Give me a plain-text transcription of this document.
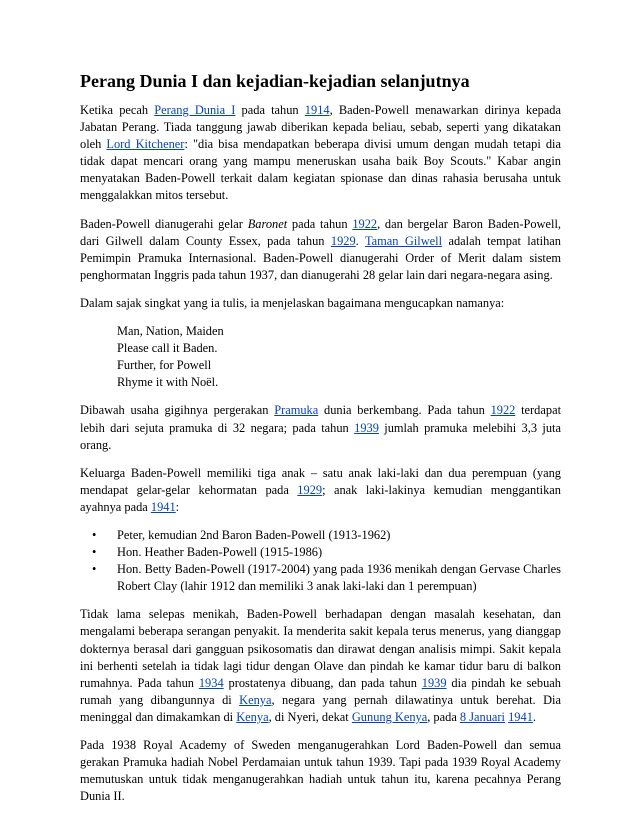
Perang Dunia I dan kejadian-kejadian selanjutnya

Ketika pecah Perang Dunia I pada tahun 1914, Baden-Powell menawarkan dirinya kepada Jabatan Perang. Tiada tanggung jawab diberikan kepada beliau, sebab, seperti yang dikatakan oleh Lord Kitchener: "dia bisa mendapatkan beberapa divisi umum dengan mudah tetapi dia tidak dapat mencari orang yang mampu meneruskan usaha baik Boy Scouts." Kabar angin menyatakan Baden-Powell terkait dalam kegiatan spionase dan dinas rahasia berusaha untuk menggalakkan mitos tersebut.

Baden-Powell dianugerahi gelar Baronet pada tahun 1922, dan bergelar Baron Baden-Powell, dari Gilwell dalam County Essex, pada tahun 1929. Taman Gilwell adalah tempat latihan Pemimpin Pramuka Internasional. Baden-Powell dianugerahi Order of Merit dalam sistem penghormatan Inggris pada tahun 1937, dan dianugerahi 28 gelar lain dari negara-negara asing.

Dalam sajak singkat yang ia tulis, ia menjelaskan bagaimana mengucapkan namanya:

Man, Nation, Maiden
Please call it Baden.
Further, for Powell
Rhyme it with Noël.

Dibawah usaha gigihnya pergerakan Pramuka dunia berkembang. Pada tahun 1922 terdapat lebih dari sejuta pramuka di 32 negara; pada tahun 1939 jumlah pramuka melebihi 3,3 juta orang.

Keluarga Baden-Powell memiliki tiga anak – satu anak laki-laki dan dua perempuan (yang mendapat gelar-gelar kehormatan pada 1929; anak laki-lakinya kemudian menggantikan ayahnya pada 1941:

• Peter, kemudian 2nd Baron Baden-Powell (1913-1962)
• Hon. Heather Baden-Powell (1915-1986)
• Hon. Betty Baden-Powell (1917-2004) yang pada 1936 menikah dengan Gervase Charles Robert Clay (lahir 1912 dan memiliki 3 anak laki-laki dan 1 perempuan)

Tidak lama selepas menikah, Baden-Powell berhadapan dengan masalah kesehatan, dan mengalami beberapa serangan penyakit. Ia menderita sakit kepala terus menerus, yang dianggap dokternya berasal dari gangguan psikosomatis dan dirawat dengan analisis mimpi. Sakit kepala ini berhenti setelah ia tidak lagi tidur dengan Olave dan pindah ke kamar tidur baru di balkon rumahnya. Pada tahun 1934 prostatenya dibuang, dan pada tahun 1939 dia pindah ke sebuah rumah yang dibangunnya di Kenya, negara yang pernah dilawatinya untuk berehat. Dia meninggal dan dimakamkan di Kenya, di Nyeri, dekat Gunung Kenya, pada 8 Januari 1941.

Pada 1938 Royal Academy of Sweden menganugerahkan Lord Baden-Powell dan semua gerakan Pramuka hadiah Nobel Perdamaian untuk tahun 1939. Tapi pada 1939 Royal Academy memutuskan untuk tidak menganugerahkan hadiah untuk tahun itu, karena pecahnya Perang Dunia II.
